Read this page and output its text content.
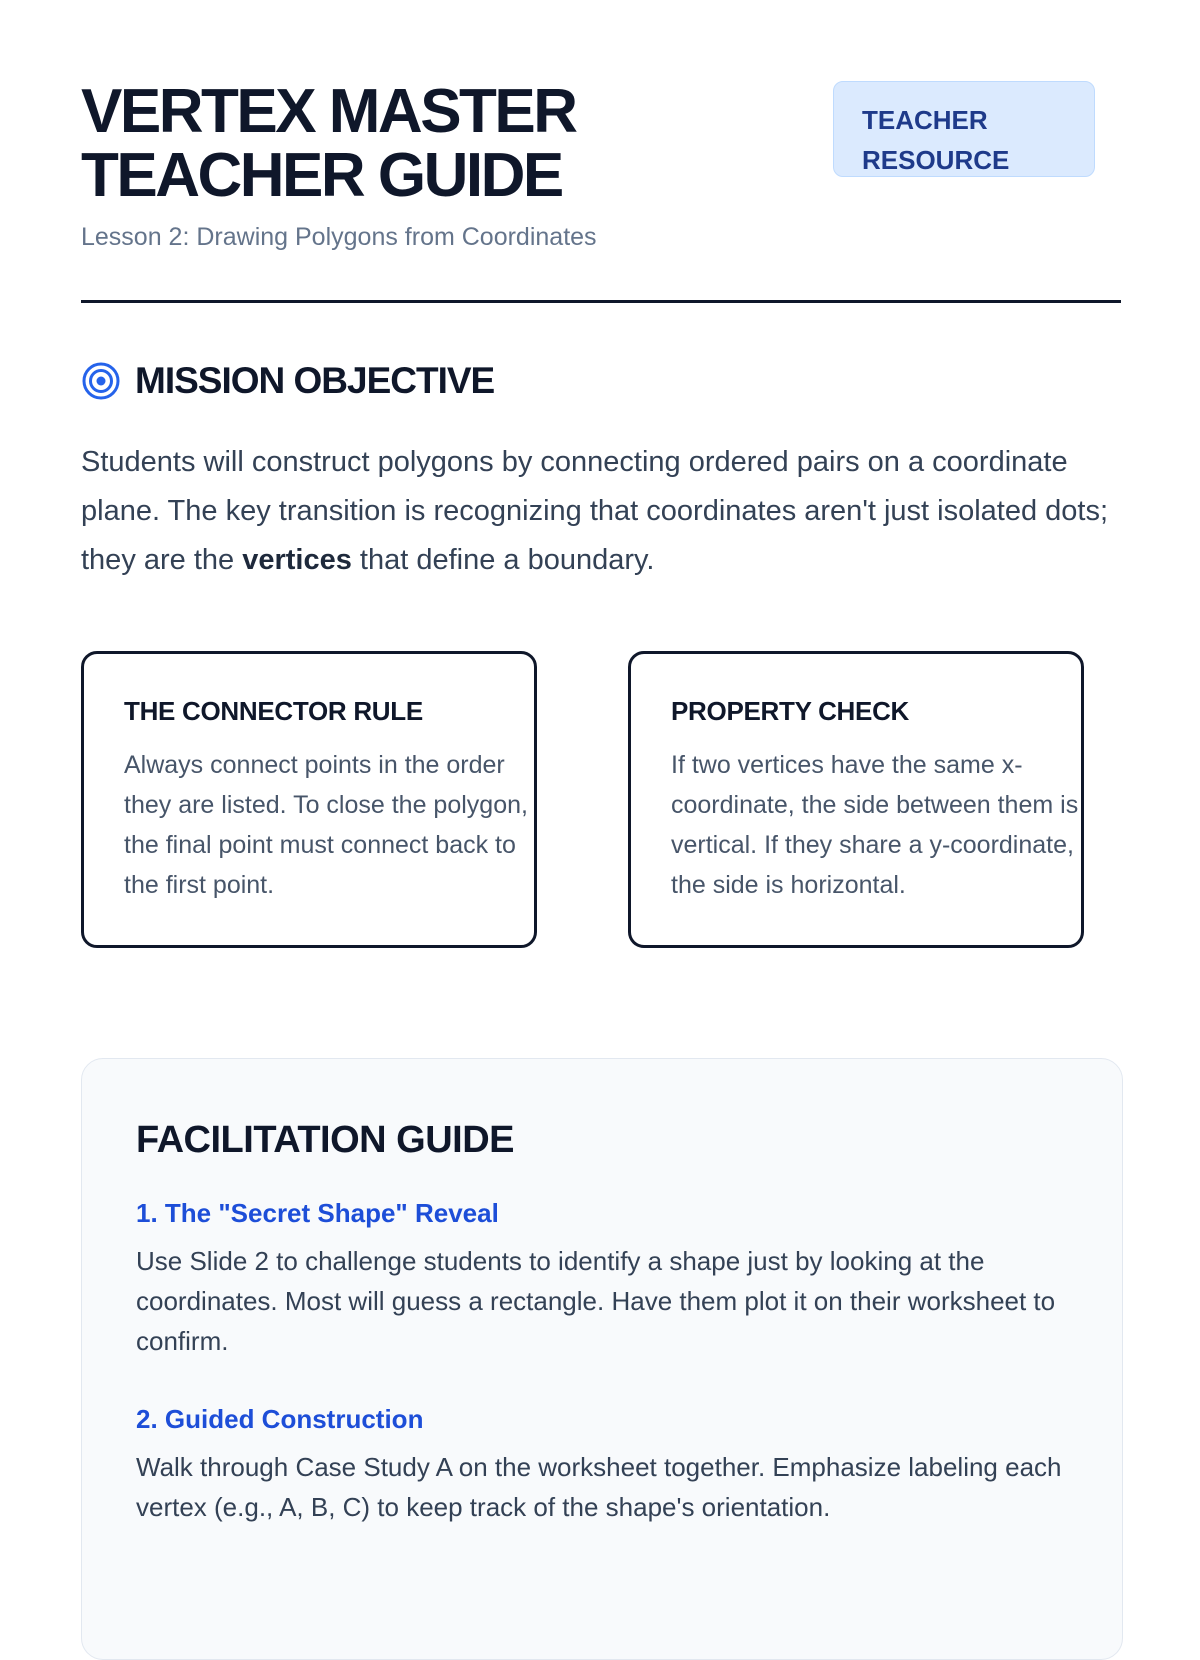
VERTEX MASTER TEACHER GUIDE
TEACHER
RESOURCE
Lesson 2: Drawing Polygons from Coordinates
MISSION OBJECTIVE

Students will construct polygons by connecting ordered pairs on a coordinate plane. The key transition is recognizing that coordinates aren't just isolated dots; they are the vertices that define a boundary.

THE CONNECTOR RULE
Always connect points in the order they are listed. To close the polygon, the final point must connect back to the first point.
PROPERTY CHECK
If two vertices have the same x-coordinate, the side between them is vertical. If they share a y-coordinate, the side is horizontal.
FACILITATION GUIDE
1. The "Secret Shape" Reveal
Use Slide 2 to challenge students to identify a shape just by looking at the coordinates. Most will guess a rectangle. Have them plot it on their worksheet to confirm.
2. Guided Construction
Walk through Case Study A on the worksheet together. Emphasize labeling each vertex (e.g., A, B, C) to keep track of the shape's orientation.
